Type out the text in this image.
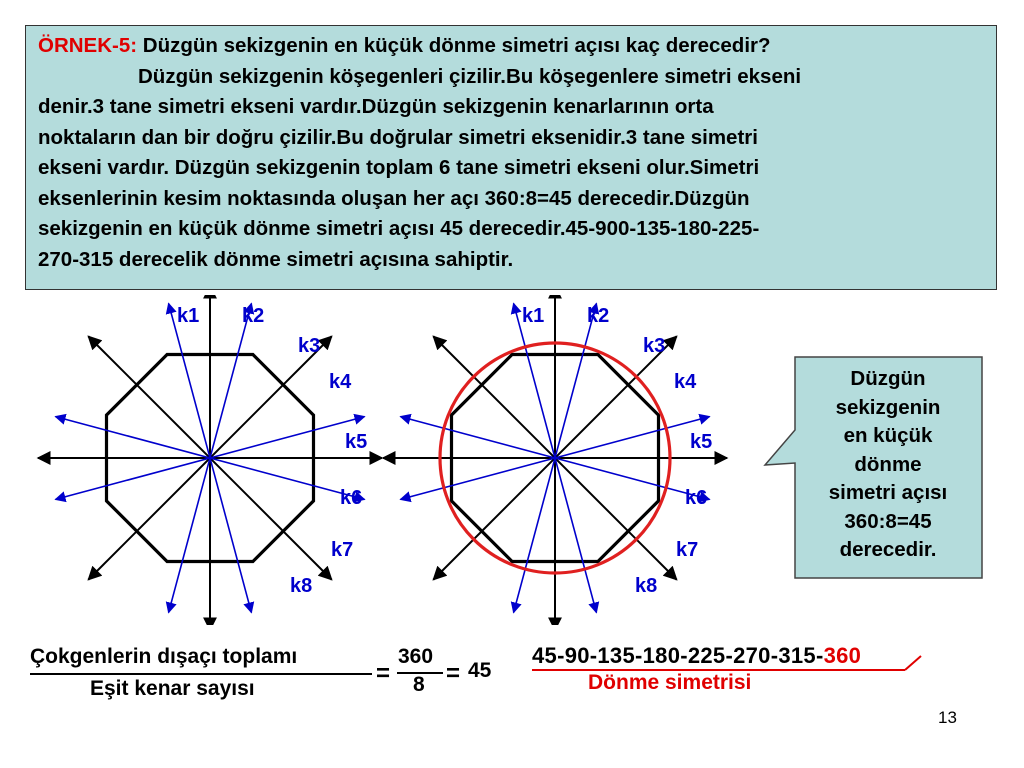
ÖRNEK-5: Düzgün sekizgenin en küçük dönme simetri açısı kaç derecedir?

Düzgün sekizgenin köşegenleri çizilir.Bu köşegenlere simetri ekseni

denir.3 tane simetri ekseni vardır.Düzgün sekizgenin kenarlarının orta

noktaların dan bir doğru çizilir.Bu doğrular simetri eksenidir.3 tane simetri

ekseni vardır. Düzgün sekizgenin toplam 6 tane simetri ekseni olur.Simetri

eksenlerinin kesim noktasında oluşan her açı 360:8=45 derecedir.Düzgün

sekizgenin en küçük dönme simetri açısı 45 derecedir.45-900-135-180-225-

270-315 derecelik dönme simetri açısına sahiptir.

k1 k2
k3
k4
k5
k6
k7
k8
k1 k2
k3
k4
k5
k6
k7
k8
Düzgün
sekizgenin
en küçük
dönme
simetri açısı
360:8=45
derecedir.
Çokgenlerin dışaçı toplamı
Eşit kenar sayısı
=
360
8 = 45
45-90-135-180-225-270-315-360
Dönme simetrisi
13
